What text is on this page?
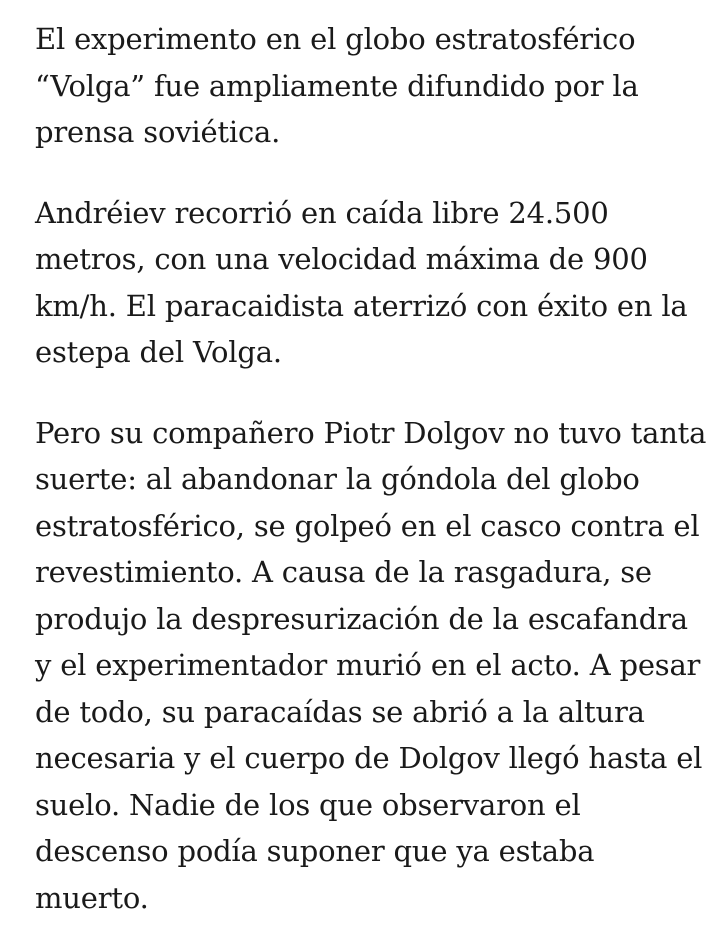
El experimento en el globo estratosférico
“Volga” fue ampliamente difundido por la
prensa soviética.

Andréiev recorrió en caída libre 24.500
metros, con una velocidad máxima de 900
km/h. El paracaidista aterrizó con éxito en la
estepa del Volga.

Pero su compañero Piotr Dolgov no tuvo tanta
suerte: al abandonar la góndola del globo
estratosférico, se golpeó en el casco contra el
revestimiento. A causa de la rasgadura, se
produjo la despresurización de la escafandra
y el experimentador murió en el acto. A pesar
de todo, su paracaídas se abrió a la altura
necesaria y el cuerpo de Dolgov llegó hasta el
suelo. Nadie de los que observaron el
descenso podía suponer que ya estaba
muerto.
